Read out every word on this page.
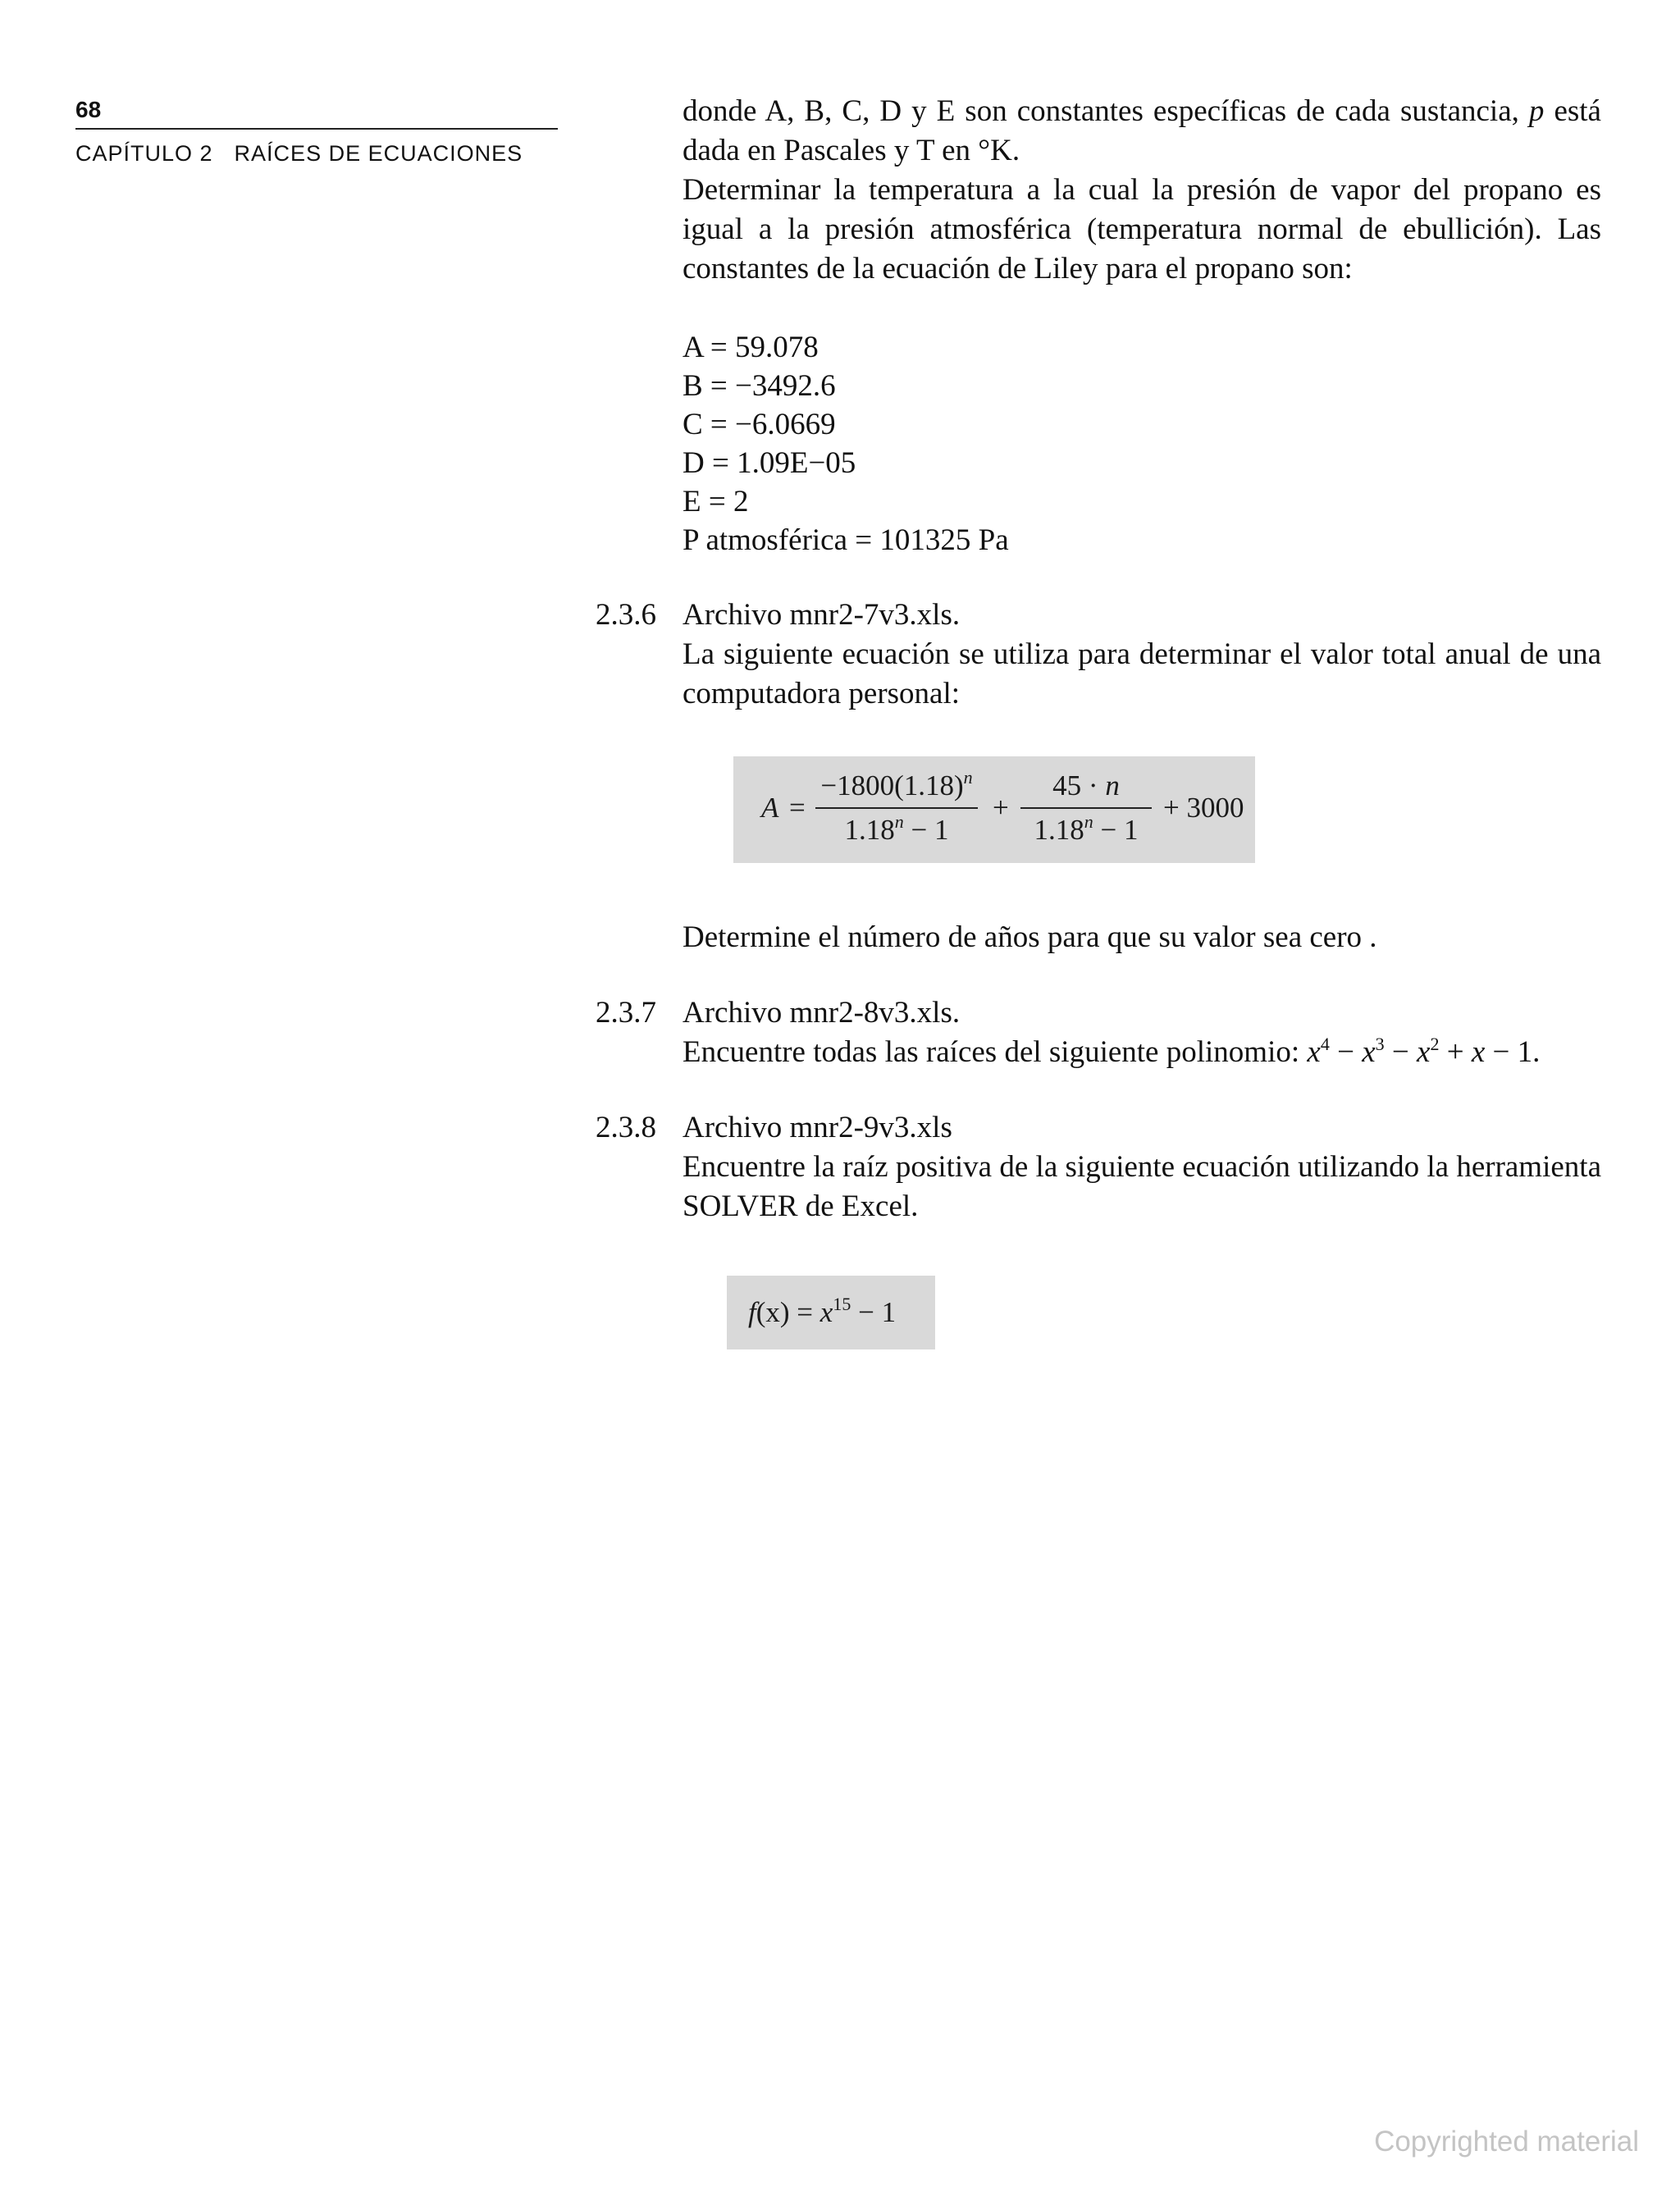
68
CAPÍTULO 2 RAÍCES DE ECUACIONES

donde A, B, C, D y E son constantes específicas de cada sustancia, p está dada en Pascales y T en °K.

Determinar la temperatura a la cual la presión de vapor del propano es igual a la presión atmosférica (temperatura normal de ebullición). Las constantes de la ecuación de Liley para el propano son:

A = 59.078
B = −3492.6
C = −6.0669
D = 1.09E−05
E = 2
P atmosférica = 101325 Pa
2.3.6 Archivo mnr2-7v3.xls.
La siguiente ecuación se utiliza para determinar el valor total anual de una computadora personal:
A =
$-1800(1.18)^n$
$1.18^n - 1$
+
45 · n
$1.18^n - 1$
+ 3000
Determine el número de años para que su valor sea cero .
2.3.7 Archivo mnr2-8v3.xls.
Encuentre todas las raíces del siguiente polinomio: $x^4 - x^3 - x^2 + x - 1$.
2.3.8 Archivo mnr2-9v3.xls
Encuentre la raíz positiva de la siguiente ecuación utilizando la herramienta SOLVER de Excel.
$f(x) = x^{15} - 1$
Copyrighted material
